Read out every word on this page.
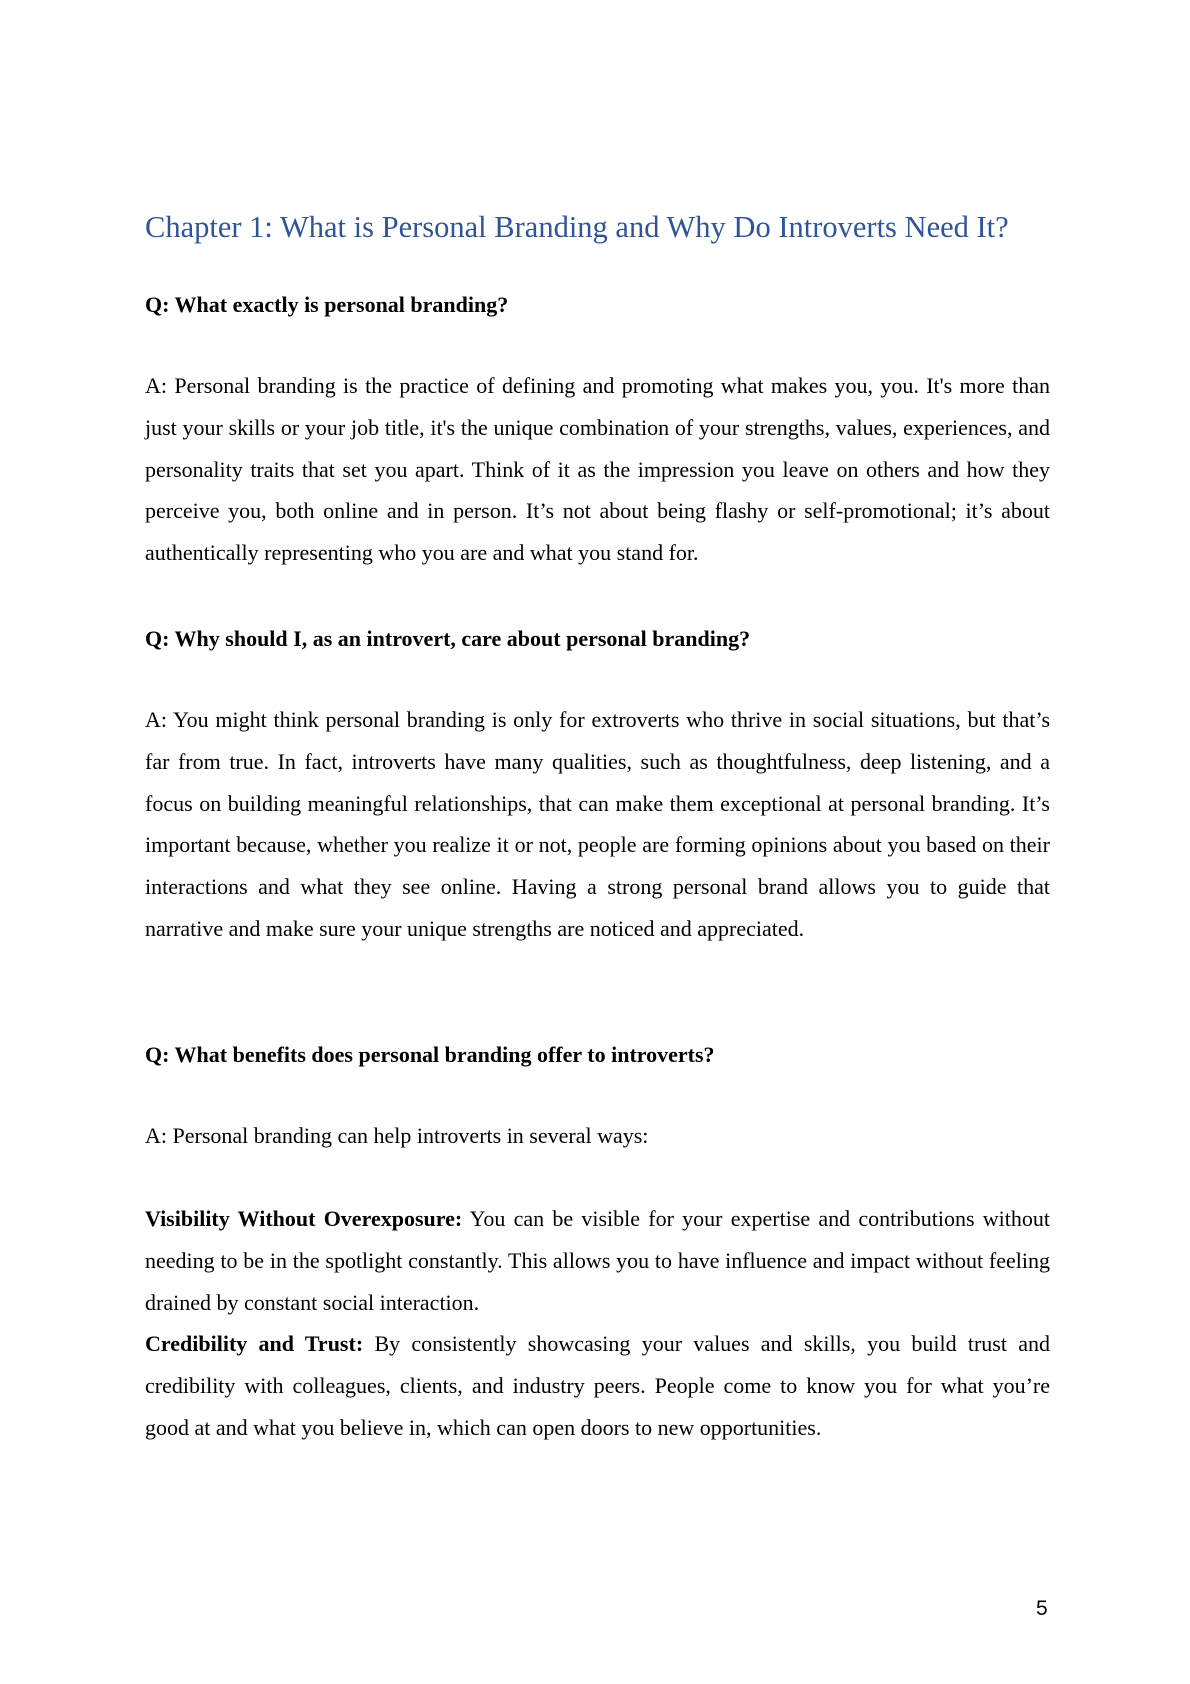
Chapter 1: What is Personal Branding and Why Do Introverts Need It?

Q: What exactly is personal branding?

A: Personal branding is the practice of defining and promoting what makes you, you. It's more than just your skills or your job title, it's the unique combination of your strengths, values, experiences, and personality traits that set you apart. Think of it as the impression you leave on others and how they perceive you, both online and in person. It’s not about being flashy or self-promotional; it’s about authentically representing who you are and what you stand for.

Q: Why should I, as an introvert, care about personal branding?

A: You might think personal branding is only for extroverts who thrive in social situations, but that’s far from true. In fact, introverts have many qualities, such as thoughtfulness, deep listening, and a focus on building meaningful relationships, that can make them exceptional at personal branding. It’s important because, whether you realize it or not, people are forming opinions about you based on their interactions and what they see online. Having a strong personal brand allows you to guide that narrative and make sure your unique strengths are noticed and appreciated.

Q: What benefits does personal branding offer to introverts?

A: Personal branding can help introverts in several ways:

Visibility Without Overexposure: You can be visible for your expertise and contributions without needing to be in the spotlight constantly. This allows you to have influence and impact without feeling drained by constant social interaction.

Credibility and Trust: By consistently showcasing your values and skills, you build trust and credibility with colleagues, clients, and industry peers. People come to know you for what you’re good at and what you believe in, which can open doors to new opportunities.

5
